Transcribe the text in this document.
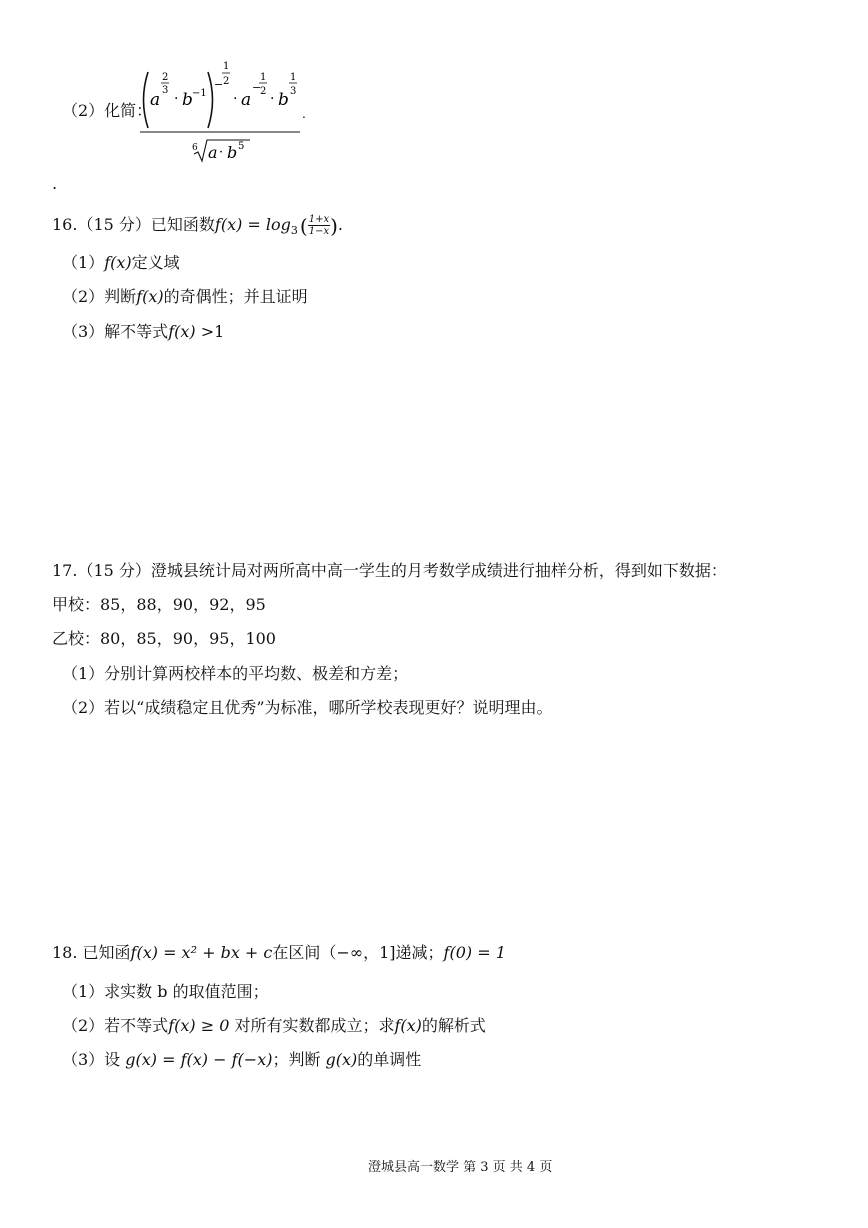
（2）化简：
a
2
3
· b −1
−
1
2
· a
−
1
2 · b
1
3
.
6 a · b 5
.
16.（15 分）已知函数$f(x) = \log_3$ ( $\frac{1+x}{1-x}$ ).
（1）f(x)定义域
（2）判断f(x)的奇偶性；并且证明
（3）解不等式f(x) >1
17.（15 分）澄城县统计局对两所高中高一学生的月考数学成绩进行抽样分析，得到如下数据：
甲校：85，88，90，92，95
乙校：80，85，90，95，100
（1）分别计算两校样本的平均数、极差和方差；
（2）若以“成绩稳定且优秀”为标准，哪所学校表现更好？说明理由。
18. 已知函f(x) = x² + bx + c在区间（−∞，1]递减；f(0) = 1
（1）求实数 b 的取值范围；
（2）若不等式f(x) ≥ 0 对所有实数都成立；求f(x)的解析式
（3）设 g(x) = f(x) − f(−x)；判断 g(x)的单调性
澄城县高一数学 第 3 页 共 4 页
